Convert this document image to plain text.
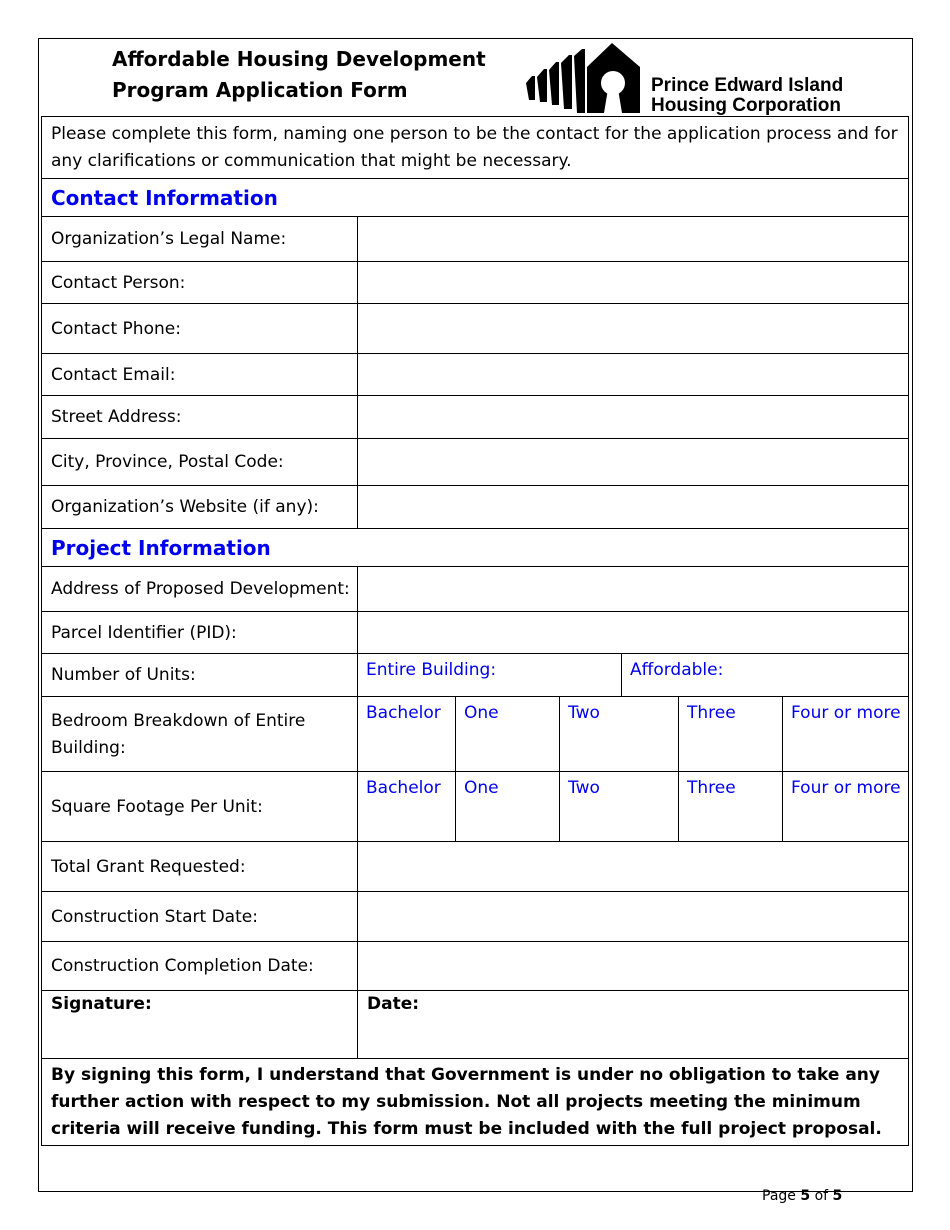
Affordable Housing Development
Program Application Form	Prince Edward Island
Housing Corporation
Please complete this form, naming one person to be the contact for the application process and for any clarifications or communication that might be necessary.
Contact Information
Organization’s Legal Name:
Contact Person:
Contact Phone:
Contact Email:
Street Address:
City, Province, Postal Code:
Organization’s Website (if any):
Project Information
Address of Proposed Development:
Parcel Identifier (PID):
Number of Units:	Entire Building:	Affordable:
Bedroom Breakdown of Entire Building:
Bachelor	One	Two	Three	Four or more
Square Footage Per Unit:
Bachelor	One	Two	Three	Four or more
Total Grant Requested:
Construction Start Date:
Construction Completion Date:
Signature:	Date:
By signing this form, I understand that Government is under no obligation to take any further action with respect to my submission. Not all projects meeting the minimum criteria will receive funding. This form must be included with the full project proposal.
Page 5 of 5
